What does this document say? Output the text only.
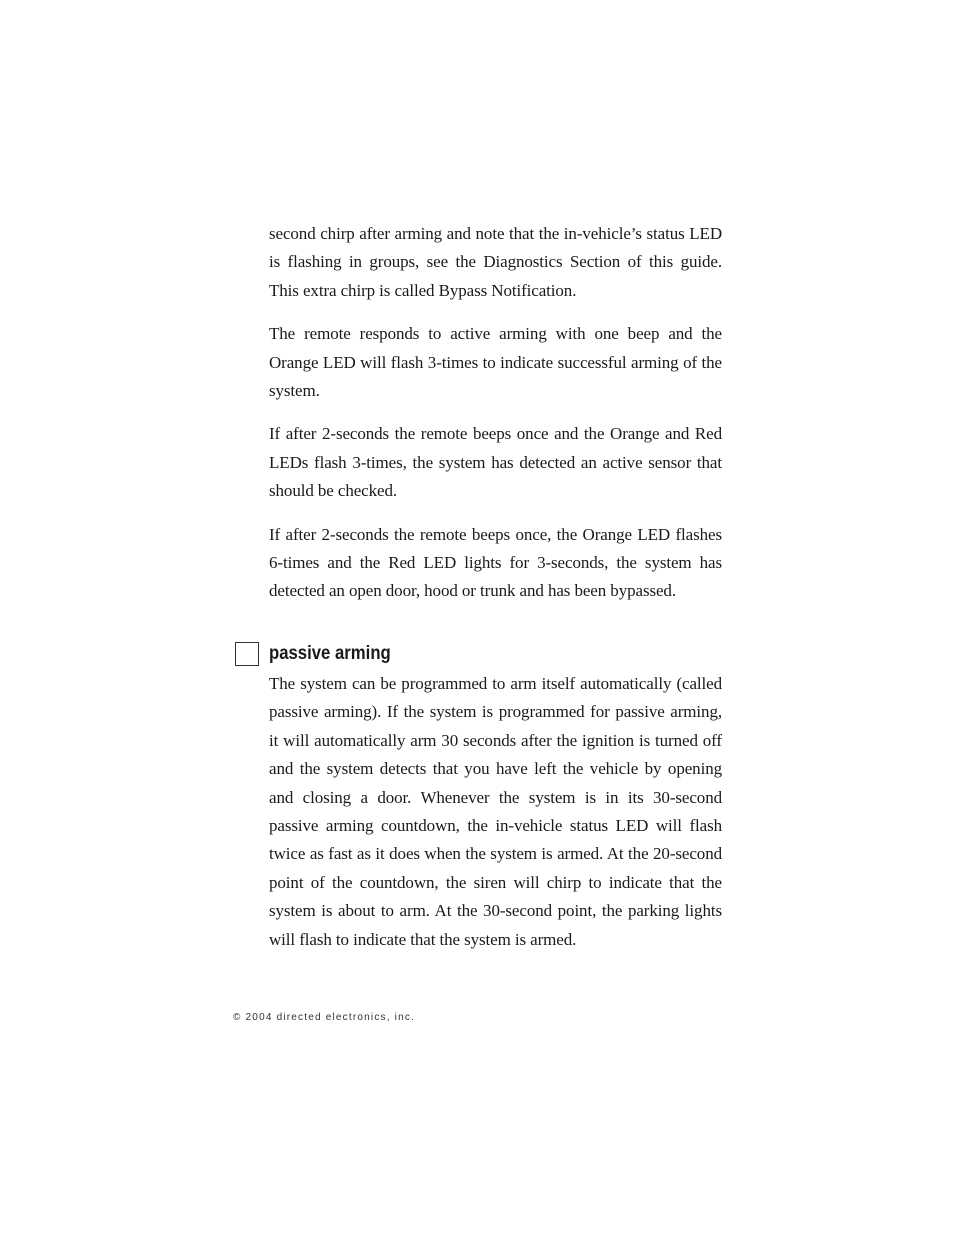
second chirp after arming and note that the in-vehicle’s status LED is flashing in groups, see the Diagnostics Section of this guide. This extra chirp is called Bypass Notification.

The remote responds to active arming with one beep and the Orange LED will flash 3-times to indicate successful arming of the system.

If after 2-seconds the remote beeps once and the Orange and Red LEDs flash 3-times, the system has detected an active sensor that should be checked.

If after 2-seconds the remote beeps once, the Orange LED flashes 6-times and the Red LED lights for 3-seconds, the system has detected an open door, hood or trunk and has been bypassed.

passive arming

The system can be programmed to arm itself automatically (called passive arming). If the system is programmed for passive arming, it will automatically arm 30 seconds after the ignition is turned off and the system detects that you have left the vehicle by opening and closing a door. Whenever the system is in its 30-second passive arming countdown, the in-vehicle status LED will flash twice as fast as it does when the system is armed. At the 20-second point of the countdown, the siren will chirp to indicate that the system is about to arm. At the 30-second point, the parking lights will flash to indicate that the system is armed.

© 2004 directed electronics, inc.
